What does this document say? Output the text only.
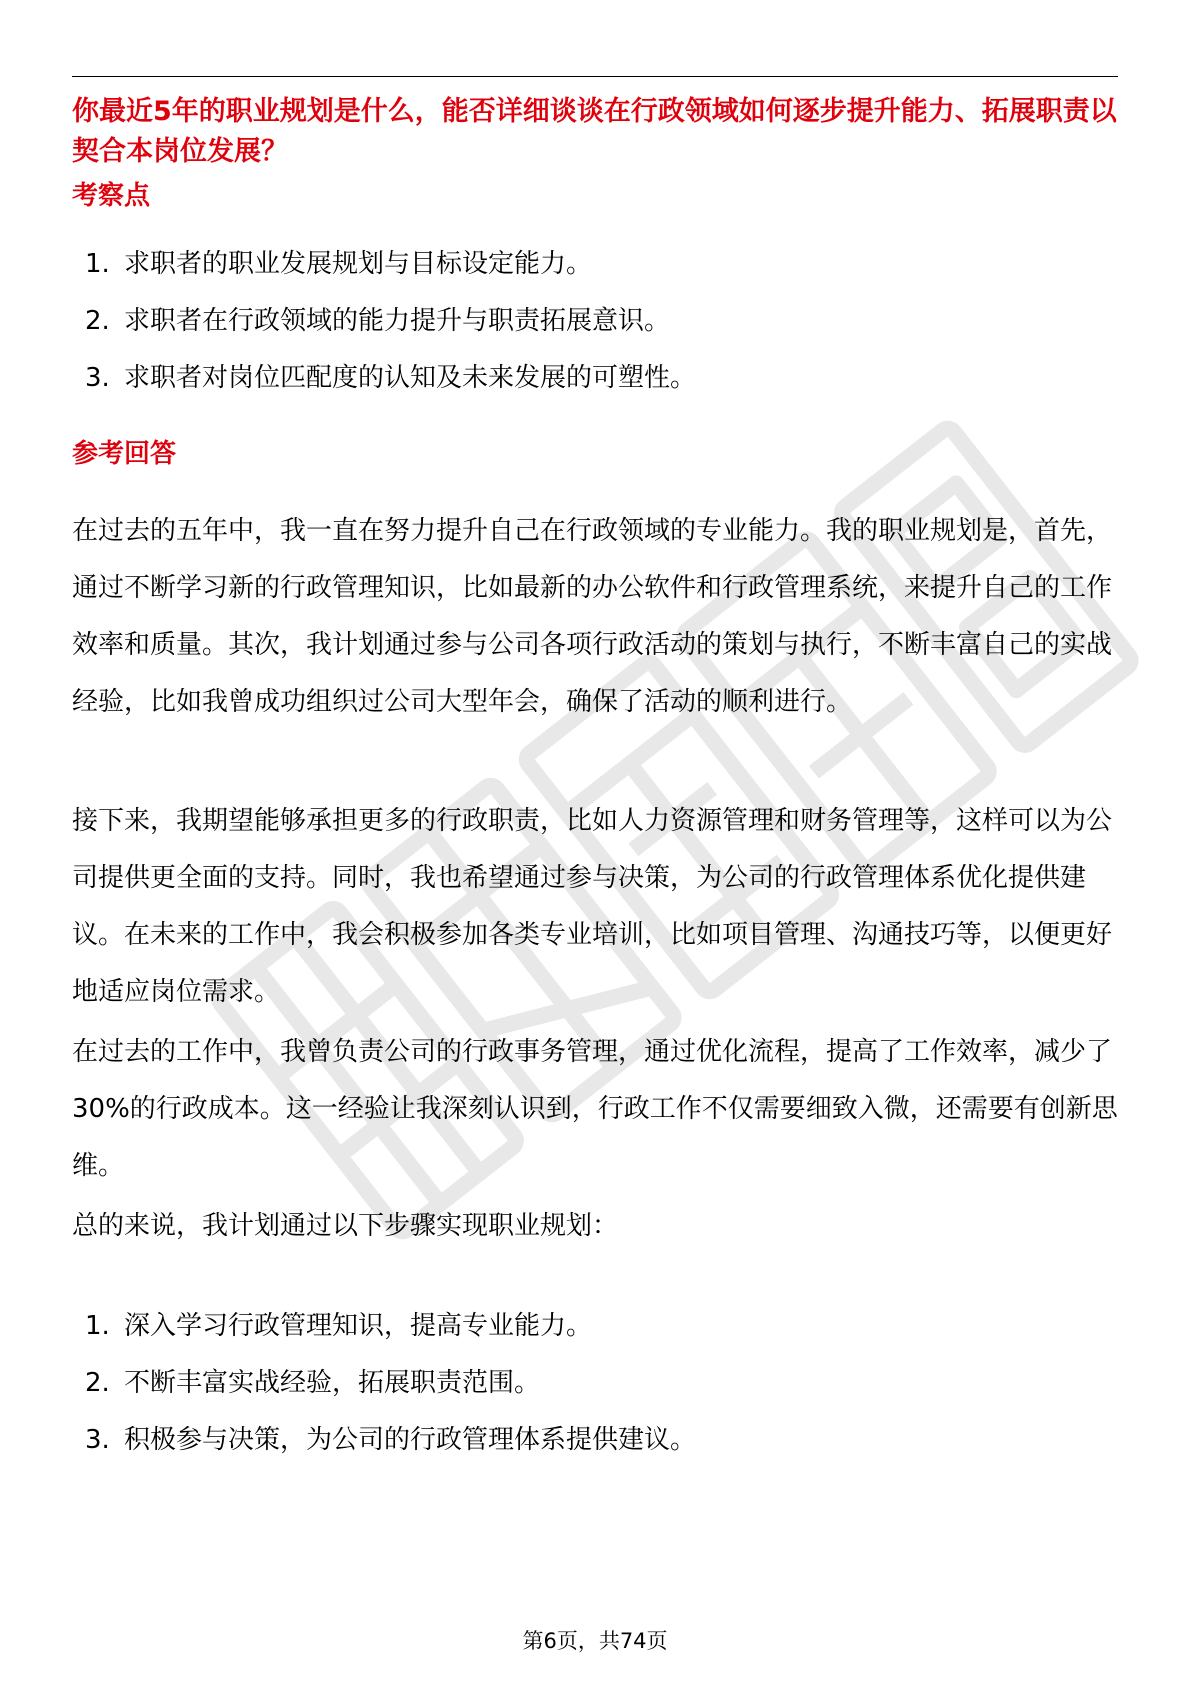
你最近5年的职业规划是什么，能否详细谈谈在行政领域如何逐步提升能力、拓展职责以契合本岗位发展？

考察点

1. 求职者的职业发展规划与目标设定能力。
2. 求职者在行政领域的能力提升与职责拓展意识。
3. 求职者对岗位匹配度的认知及未来发展的可塑性。

参考回答

在过去的五年中，我一直在努力提升自己在行政领域的专业能力。我的职业规划是，首先，通过不断学习新的行政管理知识，比如最新的办公软件和行政管理系统，来提升自己的工作效率和质量。其次，我计划通过参与公司各项行政活动的策划与执行，不断丰富自己的实战经验，比如我曾成功组织过公司大型年会，确保了活动的顺利进行。

接下来，我期望能够承担更多的行政职责，比如人力资源管理和财务管理等，这样可以为公司提供更全面的支持。同时，我也希望通过参与决策，为公司的行政管理体系优化提供建议。在未来的工作中，我会积极参加各类专业培训，比如项目管理、沟通技巧等，以便更好地适应岗位需求。

在过去的工作中，我曾负责公司的行政事务管理，通过优化流程，提高了工作效率，减少了30%的行政成本。这一经验让我深刻认识到，行政工作不仅需要细致入微，还需要有创新思维。

总的来说，我计划通过以下步骤实现职业规划：

1. 深入学习行政管理知识，提高专业能力。
2. 不断丰富实战经验，拓展职责范围。
3. 积极参与决策，为公司的行政管理体系提供建议。

第6页，共74页
